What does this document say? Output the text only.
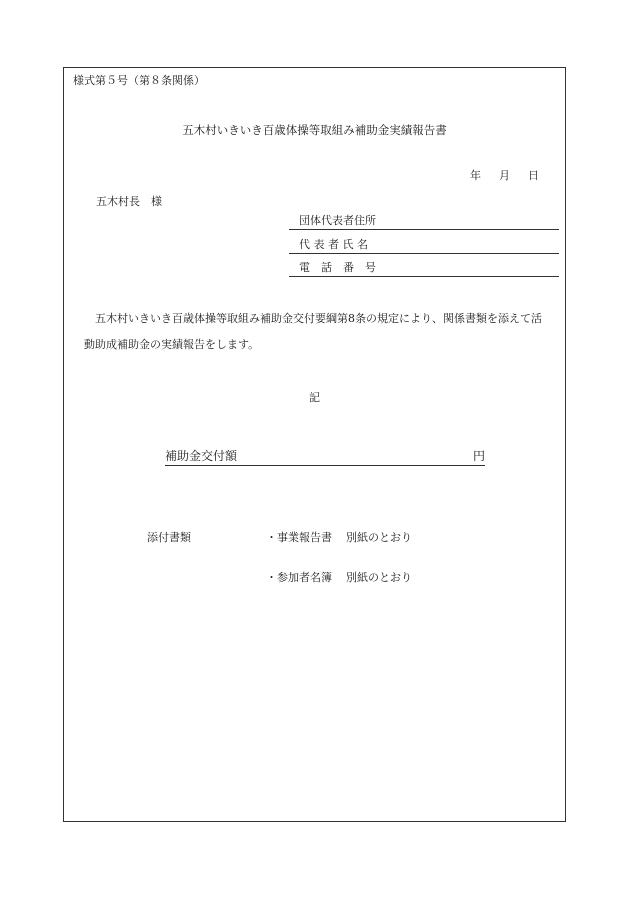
様式第５号（第８条関係）
五木村いきいき百歳体操等取組み補助金実績報告書
年 月 日
五木村長　様
団体代表者住所
代 表 者 氏 名
電　話　番　号
五木村いきいき百歳体操等取組み補助金交付要綱第8条の規定により、関係書類を添えて活動助成補助金の実績報告をします。
記
補助金交付額	円
添付書類	・事業報告書 別紙のとおり
・参加者名簿 別紙のとおり
